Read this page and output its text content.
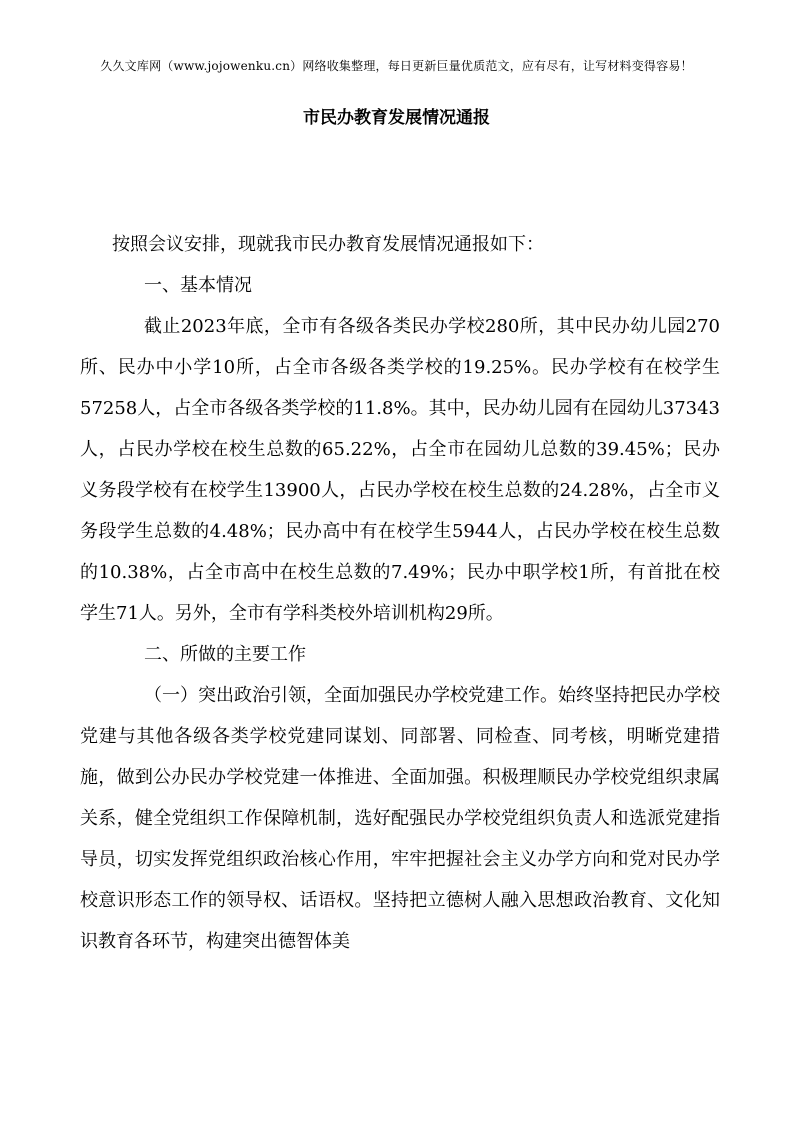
久久文库网（www.jojowenku.cn）网络收集整理，每日更新巨量优质范文，应有尽有，让写材料变得容易！
市民办教育发展情况通报

按照会议安排，现就我市民办教育发展情况通报如下：

一、基本情况

截止2023年底，全市有各级各类民办学校280所，其中民办幼儿园270所、民办中小学10所，占全市各级各类学校的19.25%。民办学校有在校学生57258人，占全市各级各类学校的11.8%。其中，民办幼儿园有在园幼儿37343人，占民办学校在校生总数的65.22%，占全市在园幼儿总数的39.45%；民办义务段学校有在校学生13900人，占民办学校在校生总数的24.28%，占全市义务段学生总数的4.48%；民办高中有在校学生5944人，占民办学校在校生总数的10.38%，占全市高中在校生总数的7.49%；民办中职学校1所，有首批在校学生71人。另外，全市有学科类校外培训机构29所。

二、所做的主要工作

（一）突出政治引领，全面加强民办学校党建工作。始终坚持把民办学校党建与其他各级各类学校党建同谋划、同部署、同检查、同考核，明晰党建措施，做到公办民办学校党建一体推进、全面加强。积极理顺民办学校党组织隶属关系，健全党组织工作保障机制，选好配强民办学校党组织负责人和选派党建指导员，切实发挥党组织政治核心作用，牢牢把握社会主义办学方向和党对民办学校意识形态工作的领导权、话语权。坚持把立德树人融入思想政治教育、文化知识教育各环节，构建突出德智体美
